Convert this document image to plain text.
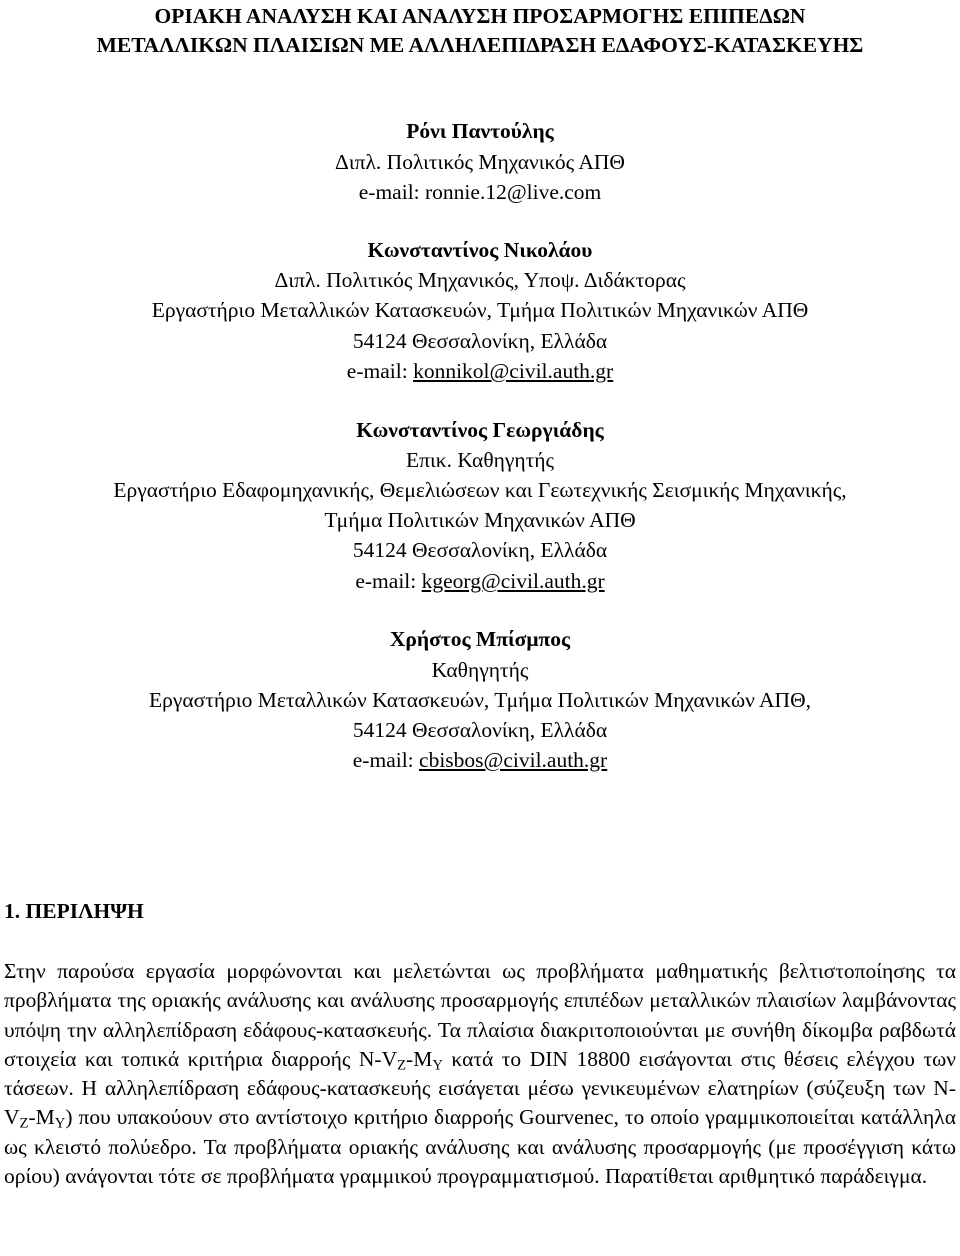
ΟΡΙΑΚΗ ΑΝΑΛΥΣΗ ΚΑΙ ΑΝΑΛΥΣΗ ΠΡΟΣΑΡΜΟΓΗΣ ΕΠΙΠΕΔΩΝ
ΜΕΤΑΛΛΙΚΩΝ ΠΛΑΙΣΙΩΝ ΜΕ ΑΛΛΗΛΕΠΙΔΡΑΣΗ ΕΔΑΦΟΥΣ-ΚΑΤΑΣΚΕΥΗΣ
Ρόνι Παντούλης
Διπλ. Πολιτικός Μηχανικός ΑΠΘ
e-mail: ronnie.12@live.com
Κωνσταντίνος Νικολάου
Διπλ. Πολιτικός Μηχανικός, Υποψ. Διδάκτορας
Εργαστήριο Μεταλλικών Κατασκευών, Τμήμα Πολιτικών Μηχανικών ΑΠΘ
54124 Θεσσαλονίκη, Ελλάδα
e-mail: konnikol@civil.auth.gr
Κωνσταντίνος Γεωργιάδης
Επικ. Καθηγητής
Εργαστήριο Εδαφομηχανικής, Θεμελιώσεων και Γεωτεχνικής Σεισμικής Μηχανικής,
Τμήμα Πολιτικών Μηχανικών ΑΠΘ
54124 Θεσσαλονίκη, Ελλάδα
e-mail: kgeorg@civil.auth.gr
Χρήστος Μπίσμπος
Καθηγητής
Εργαστήριο Μεταλλικών Κατασκευών, Τμήμα Πολιτικών Μηχανικών ΑΠΘ,
54124 Θεσσαλονίκη, Ελλάδα
e-mail: cbisbos@civil.auth.gr
1. ΠΕΡΙΛΗΨΗ
Στην παρούσα εργασία μορφώνονται και μελετώνται ως προβλήματα μαθηματικής βελτιστοποίησης τα προβλήματα της οριακής ανάλυσης και ανάλυσης προσαρμογής επιπέδων μεταλλικών πλαισίων λαμβάνοντας υπόψη την αλληλεπίδραση εδάφους-κατασκευής. Τα πλαίσια διακριτοποιούνται με συνήθη δίκομβα ραβδωτά στοιχεία και τοπικά κριτήρια διαρροής $N-V_Z-M_Y$ κατά το DIN 18800 εισάγονται στις θέσεις ελέγχου των τάσεων. Η αλληλεπίδραση εδάφους-κατασκευής εισάγεται μέσω γενικευμένων ελατηρίων (σύζευξη των $N-V_Z-M_Y$) που υπακούουν στο αντίστοιχο κριτήριο διαρροής Gourvenec, το οποίο γραμμικοποιείται κατάλληλα ως κλειστό πολύεδρο. Τα προβλήματα οριακής ανάλυσης και ανάλυσης προσαρμογής (με προσέγγιση κάτω ορίου) ανάγονται τότε σε προβλήματα γραμμικού προγραμματισμού. Παρατίθεται αριθμητικό παράδειγμα.
